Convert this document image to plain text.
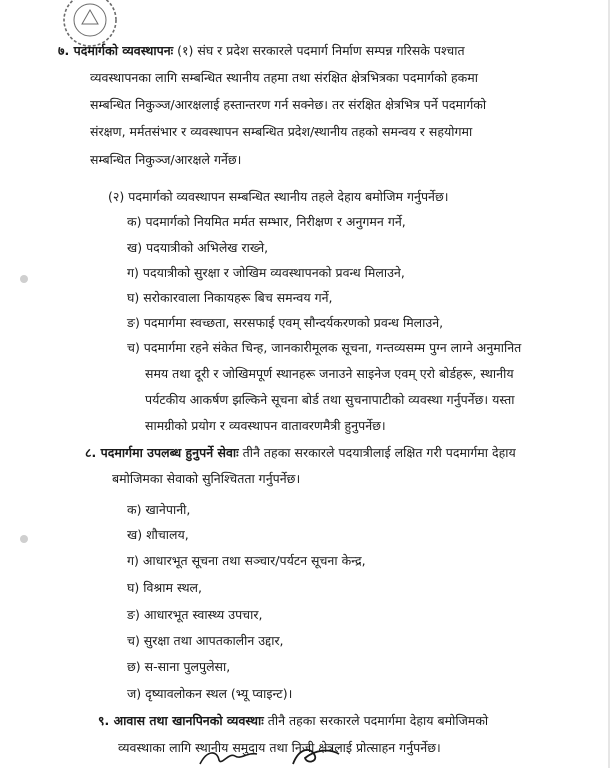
७. पदमार्गको व्यवस्थापनः (१) संघ र प्रदेश सरकारले पदमार्ग निर्माण सम्पन्न गरिसके पश्चात
व्यवस्थापनका लागि सम्बन्धित स्थानीय तहमा तथा संरक्षित क्षेत्रभित्रका पदमार्गको हकमा
सम्बन्धित निकुञ्ज/आरक्षलाई हस्तान्तरण गर्न सक्नेछ। तर संरक्षित क्षेत्रभित्र पर्ने पदमार्गको
संरक्षण, मर्मतसंभार र व्यवस्थापन सम्बन्धित प्रदेश/स्थानीय तहको समन्वय र सहयोगमा
सम्बन्धित निकुञ्ज/आरक्षले गर्नेछ।
(२) पदमार्गको व्यवस्थापन सम्बन्धित स्थानीय तहले देहाय बमोजिम गर्नुपर्नेछ।
क) पदमार्गको नियमित मर्मत सम्भार, निरीक्षण र अनुगमन गर्ने,
ख) पदयात्रीको अभिलेख राख्ने,
ग) पदयात्रीको सुरक्षा र जोखिम व्यवस्थापनको प्रवन्ध मिलाउने,
घ) सरोकारवाला निकायहरू बिच समन्वय गर्ने,
ङ) पदमार्गमा स्वच्छता, सरसफाई एवम् सौन्दर्यकरणको प्रवन्ध मिलाउने,
च) पदमार्गमा रहने संकेत चिन्ह, जानकारीमूलक सूचना, गन्तव्यसम्म पुग्न लाग्ने अनुमानित
समय तथा दूरी र जोखिमपूर्ण स्थानहरू जनाउने साइनेज एवम् एरो बोर्डहरू, स्थानीय
पर्यटकीय आकर्षण झल्किने सूचना बोर्ड तथा सुचनापाटीको व्यवस्था गर्नुपर्नेछ। यस्ता
सामग्रीको प्रयोग र व्यवस्थापन वातावरणमैत्री हुनुपर्नेछ।
८. पदमार्गमा उपलब्ध हुनुपर्ने सेवाः तीनै तहका सरकारले पदयात्रीलाई लक्षित गरी पदमार्गमा देहाय
बमोजिमका सेवाको सुनिश्चितता गर्नुपर्नेछ।
क) खानेपानी,
ख) शौचालय,
ग) आधारभूत सूचना तथा सञ्चार/पर्यटन सूचना केन्द्र,
घ) विश्राम स्थल,
ङ) आधारभूत स्वास्थ्य उपचार,
च) सुरक्षा तथा आपतकालीन उद्दार,
छ) स-साना पुलपुलेसा,
ज) दृष्यावलोकन स्थल (भ्यू प्वाइन्ट)।
९. आवास तथा खानपिनको व्यवस्थाः तीनै तहका सरकारले पदमार्गमा देहाय बमोजिमको
व्यवस्थाका लागि स्थानीय समुदाय तथा निजी क्षेत्रलाई प्रोत्साहन गर्नुपर्नेछ।
